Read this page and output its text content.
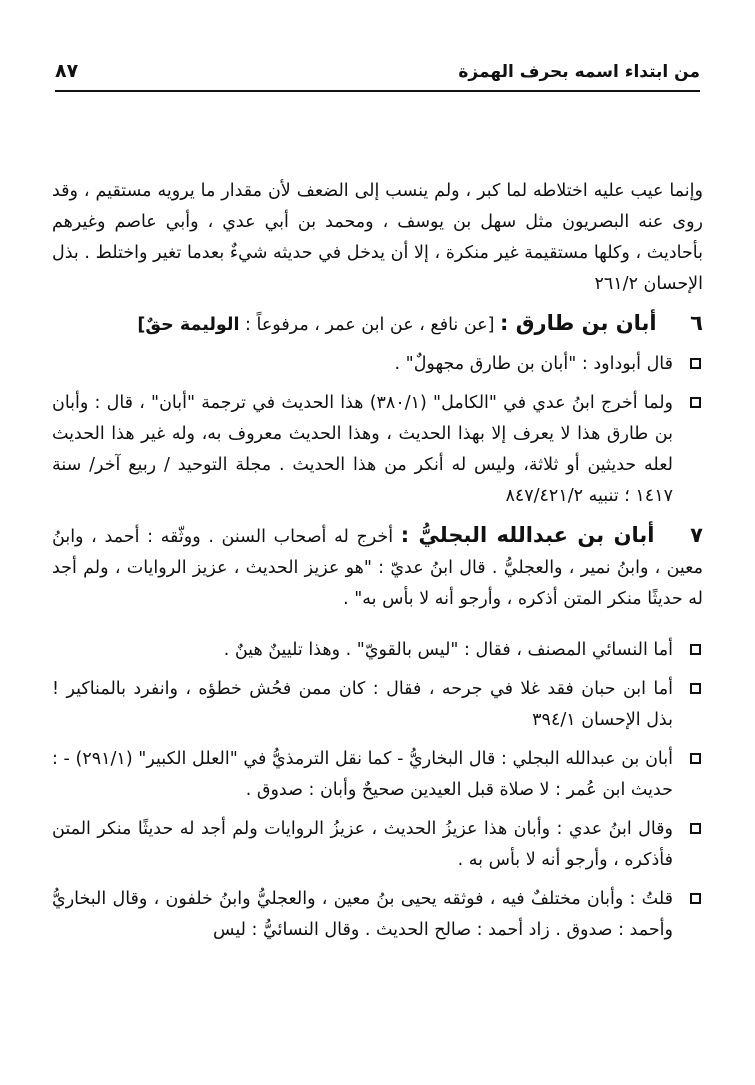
من ابتداء اسمه بحرف الهمزة
٨٧

وإنما عيب عليه اختلاطه لما كبر ، ولم ينسب إلى الضعف لأن مقدار ما يرويه مستقيم ، وقد روى عنه البصريون مثل سهل بن يوسف ، ومحمد بن أبي عدي ، وأبي عاصم وغيرهم بأحاديث ، وكلها مستقيمة غير منكرة ، إلا أن يدخل في حديثه شيءٌ بعدما تغير واختلط . بذل الإحسان ٢٦١/٢

٦ أبان بن طارق : [عن نافع ، عن ابن عمر ، مرفوعاً : الوليمة حقٌ]

قال أبوداود : "أبان بن طارق مجهولٌ" .

ولما أخرج ابنُ عدي في "الكامل" (٣٨٠/١) هذا الحديث في ترجمة "أبان" ، قال : وأبان بن طارق هذا لا يعرف إلا بهذا الحديث ، وهذا الحديث معروف به، وله غير هذا الحديث لعله حديثين أو ثلاثة، وليس له أنكر من هذا الحديث . مجلة التوحيد / ربيع آخر/ سنة ١٤١٧ ؛ تنبيه ٨٤٧/٤٢١/٢

٧ أبان بن عبدالله البجليُّ : أخرج له أصحاب السنن . ووثّقه : أحمد ، وابنُ معين ، وابنُ نمير ، والعجليُّ . قال ابنُ عديّ : "هو عزيز الحديث ، عزيز الروايات ، ولم أجد له حديثًا منكر المتن أذكره ، وأرجو أنه لا بأس به" .

أما النسائي المصنف ، فقال : "ليس بالقويّ" . وهذا تليينٌ هينٌ .

أما ابن حبان فقد غلا في جرحه ، فقال : كان ممن فحُش خطؤه ، وانفرد بالمناكير ! بذل الإحسان ٣٩٤/١

أبان بن عبدالله البجلي : قال البخاريُّ - كما نقل الترمذيُّ في "العلل الكبير" (٢٩١/١) - : حديث ابن عُمر : لا صلاة قبل العيدين صحيحٌ وأبان : صدوق .

وقال ابنُ عدي : وأبان هذا عزيزُ الحديث ، عزيزُ الروايات ولم أجد له حديثًا منكر المتن فأذكره ، وأرجو أنه لا بأس به .

قلتُ : وأبان مختلفٌ فيه ، فوثقه يحيى بنُ معين ، والعجليُّ وابنُ خلفون ، وقال البخاريُّ وأحمد : صدوق . زاد أحمد : صالح الحديث . وقال النسائيُّ : ليس
